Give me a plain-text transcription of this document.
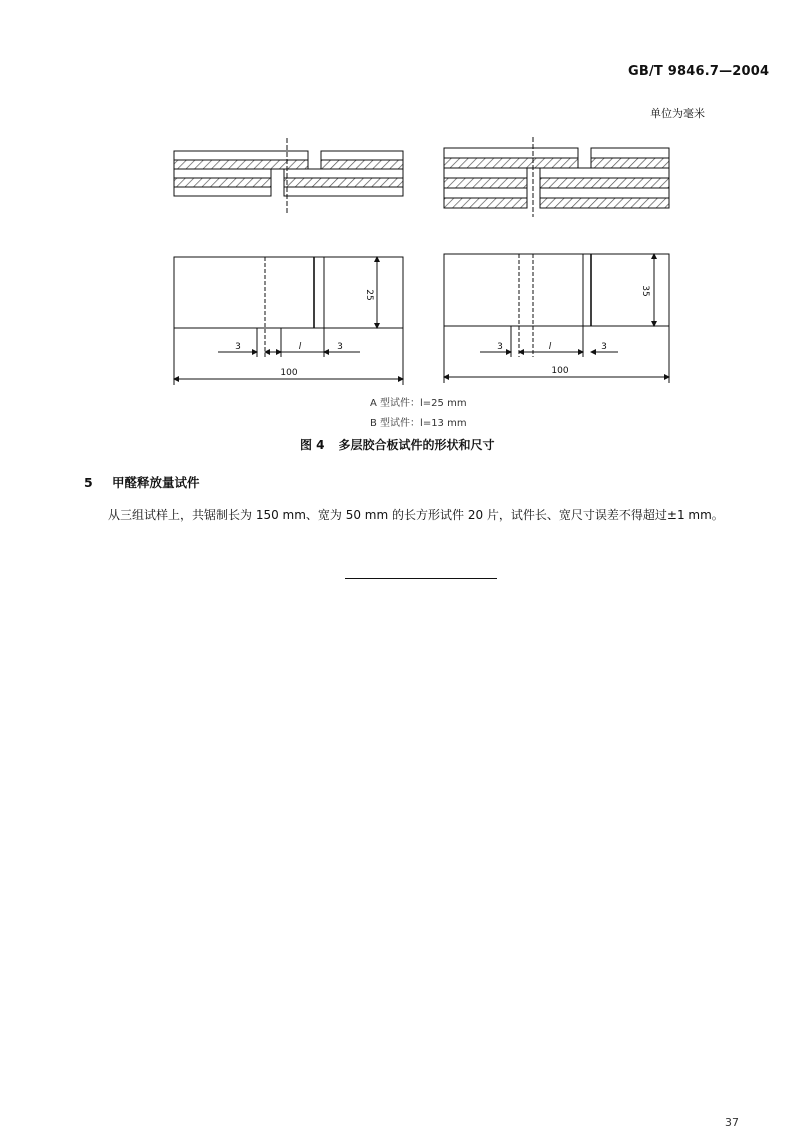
GB/T 9846.7—2004
单位为毫米
25
3	l	3
100
35
3	l	3
100
A 型试件：l=25 mm
B 型试件：l=13 mm
图 4 多层胶合板试件的形状和尺寸
5 甲醛释放量试件
从三组试样上，共锯制长为 150 mm、宽为 50 mm 的长方形试件 20 片，试件长、宽尺寸误差不得超过±1 mm。
37
